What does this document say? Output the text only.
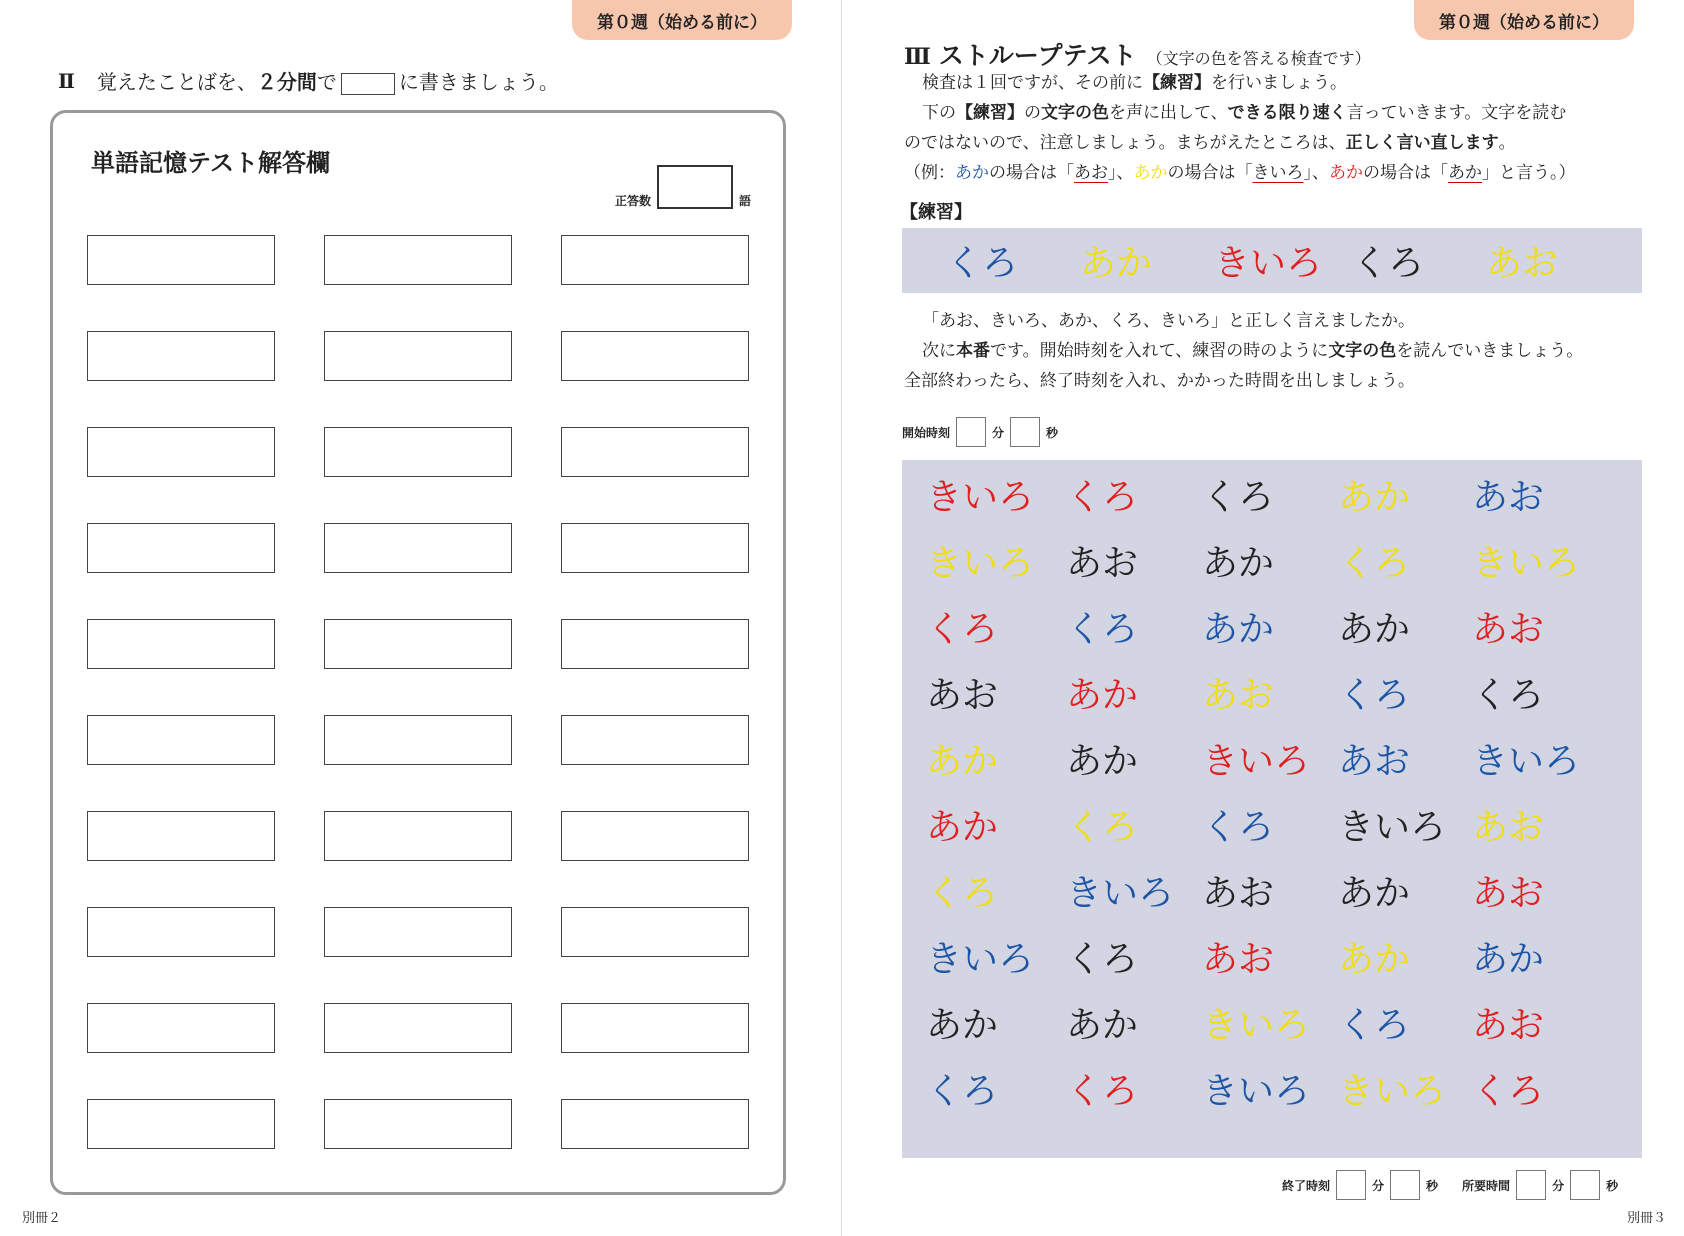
第０週（始める前に）
Ⅱ 覚えたことばを、２分間で	に書きましょう。
単語記憶テスト解答欄
正答数	語
別冊２
第０週（始める前に）
Ⅲ ストループテスト （文字の色を答える検査です）

検査は１回ですが、その前に【練習】を行いましょう。

下の【練習】の文字の色を声に出して、できる限り速く言っていきます。文字を読む

のではないので、注意しましょう。まちがえたところは、正しく言い直します。

（例：あかの場合は「あお」、あかの場合は「きいろ」、あかの場合は「あか」と言う。）

【練習】
くろ あか きいろ くろ あお

「あお、きいろ、あか、くろ、きいろ」と正しく言えましたか。

次に本番です。開始時刻を入れて、練習の時のように文字の色を読んでいきましょう。

全部終わったら、終了時刻を入れ、かかった時間を出しましょう。

開始時刻	分	秒
きいろ くろ くろ あか あお
きいろ あお あか くろ きいろ
くろ くろ あか あか あお
あお あか あお くろ くろ
あか あか きいろ あお きいろ
あか くろ くろ きいろ あお
くろ きいろ あお あか あお
きいろ くろ あお あか あか
あか あか きいろ くろ あお
くろ くろ きいろ きいろ くろ
終了時刻	分	秒 所要時間	分	秒
別冊３
